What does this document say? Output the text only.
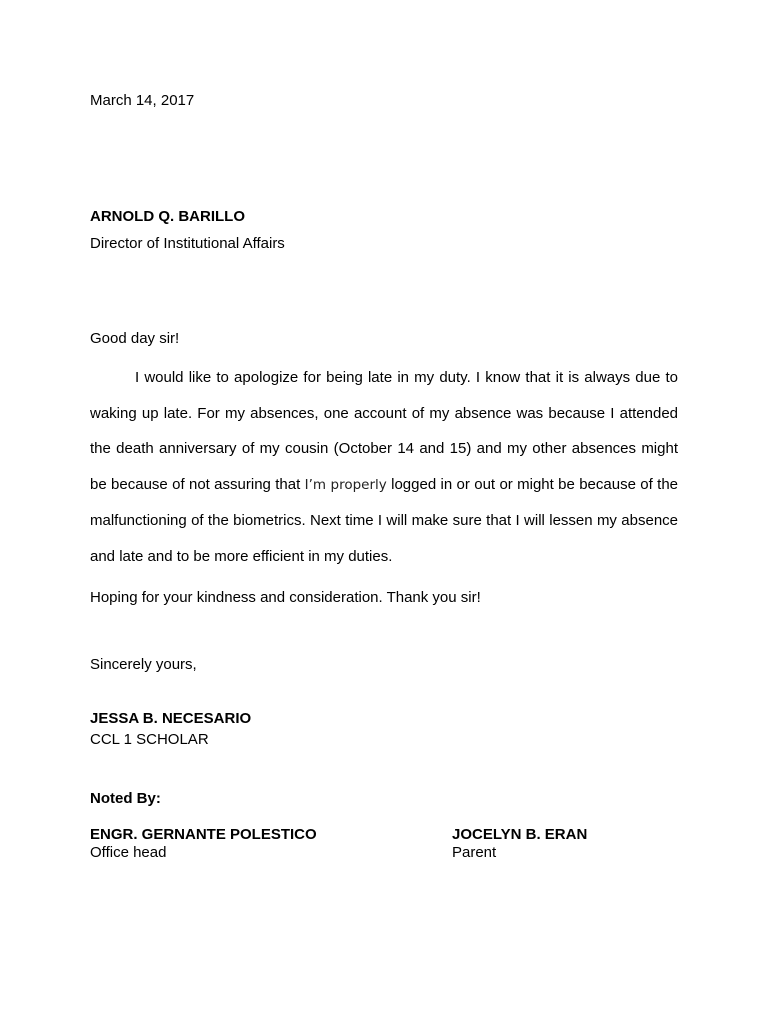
March 14, 2017
ARNOLD Q. BARILLO
Director of Institutional Affairs
Good day sir!

I would like to apologize for being late in my duty. I know that it is always due to waking up late. For my absences, one account of my absence was because I attended the death anniversary of my cousin (October 14 and 15) and my other absences might be because of not assuring that I’m properly logged in or out or might be because of the malfunctioning of the biometrics. Next time I will make sure that I will lessen my absence and late and to be more efficient in my duties.

Hoping for your kindness and consideration. Thank you sir!
Sincerely yours,
JESSA B. NECESARIO
CCL 1 SCHOLAR
Noted By:
ENGR. GERNANTE POLESTICO
Office head
JOCELYN B. ERAN
Parent
